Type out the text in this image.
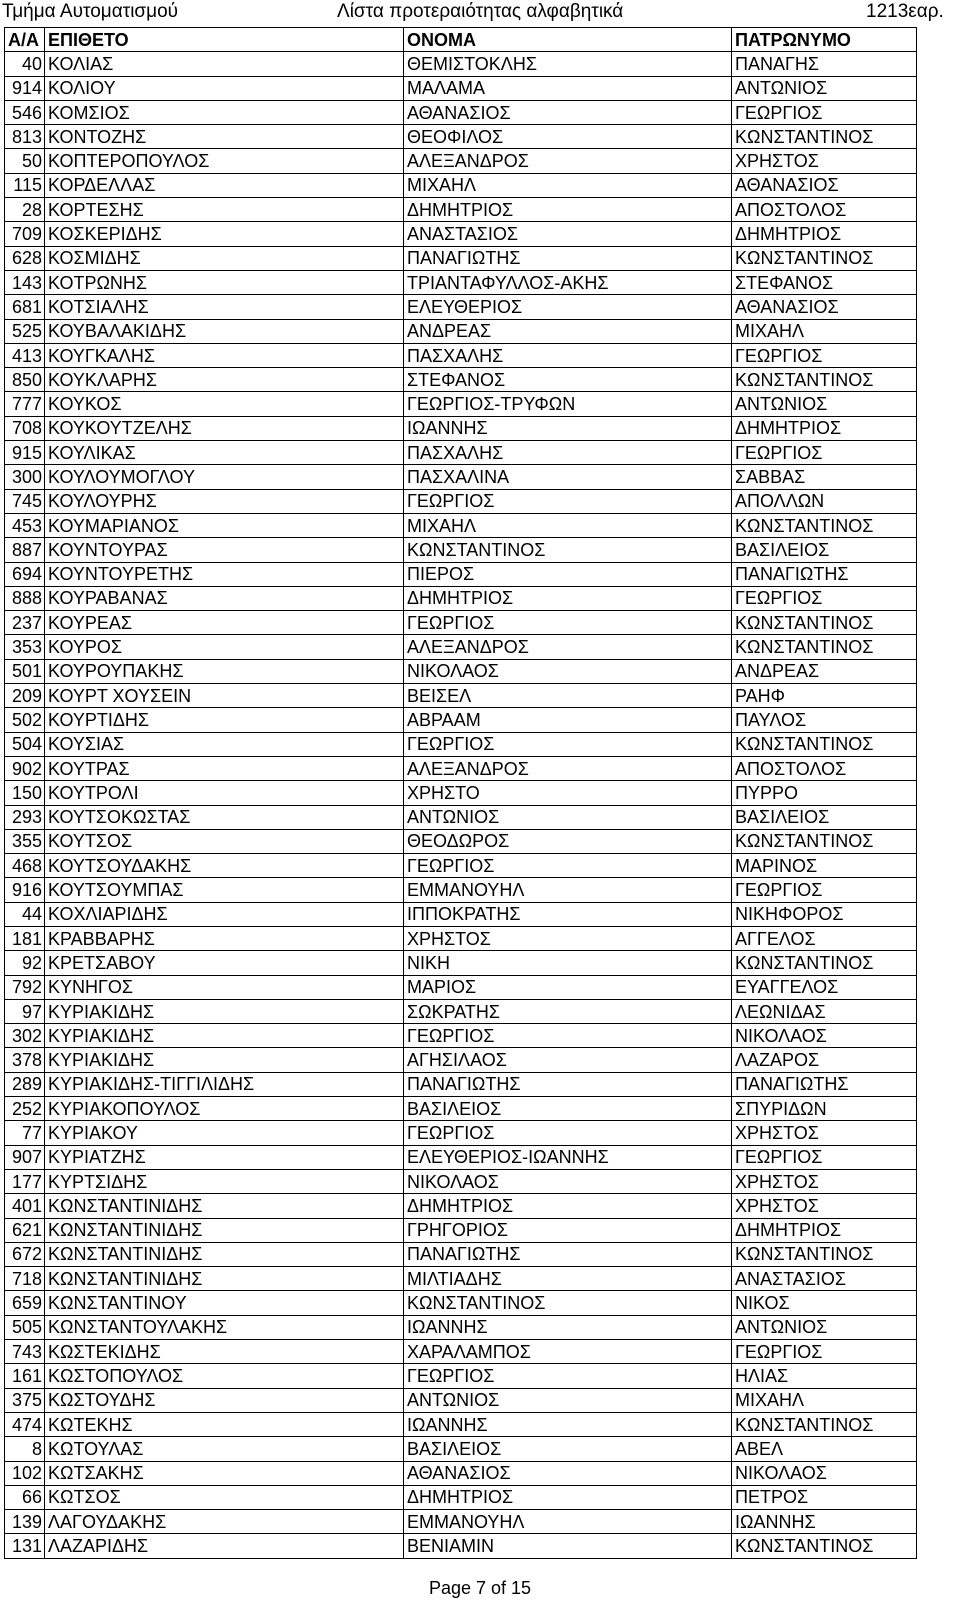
Τμήμα Αυτοματισμού	Λίστα προτεραιότητας αλφαβητικά	1213εαρ.
Α/Α	ΕΠΙΘΕΤΟ	ΟΝΟΜΑ	ΠΑΤΡΩΝΥΜΟ
40	ΚΟΛΙΑΣ	ΘΕΜΙΣΤΟΚΛΗΣ	ΠΑΝΑΓΗΣ
914	ΚΟΛΙΟΥ	ΜΑΛΑΜΑ	ΑΝΤΩΝΙΟΣ
546	ΚΟΜΣΙΟΣ	ΑΘΑΝΑΣΙΟΣ	ΓΕΩΡΓΙΟΣ
813	ΚΟΝΤΟΖΗΣ	ΘΕΟΦΙΛΟΣ	ΚΩΝΣΤΑΝΤΙΝΟΣ
50	ΚΟΠΤΕΡΟΠΟΥΛΟΣ	ΑΛΕΞΑΝΔΡΟΣ	ΧΡΗΣΤΟΣ
115	ΚΟΡΔΕΛΛΑΣ	ΜΙΧΑΗΛ	ΑΘΑΝΑΣΙΟΣ
28	ΚΟΡΤΕΣΗΣ	ΔΗΜΗΤΡΙΟΣ	ΑΠΟΣΤΟΛΟΣ
709	ΚΟΣΚΕΡΙΔΗΣ	ΑΝΑΣΤΑΣΙΟΣ	ΔΗΜΗΤΡΙΟΣ
628	ΚΟΣΜΙΔΗΣ	ΠΑΝΑΓΙΩΤΗΣ	ΚΩΝΣΤΑΝΤΙΝΟΣ
143	ΚΟΤΡΩΝΗΣ	ΤΡΙΑΝΤΑΦΥΛΛΟΣ-ΑΚΗΣ	ΣΤΕΦΑΝΟΣ
681	ΚΟΤΣΙΑΛΗΣ	ΕΛΕΥΘΕΡΙΟΣ	ΑΘΑΝΑΣΙΟΣ
525	ΚΟΥΒΑΛΑΚΙΔΗΣ	ΑΝΔΡΕΑΣ	ΜΙΧΑΗΛ
413	ΚΟΥΓΚΑΛΗΣ	ΠΑΣΧΑΛΗΣ	ΓΕΩΡΓΙΟΣ
850	ΚΟΥΚΛΑΡΗΣ	ΣΤΕΦΑΝΟΣ	ΚΩΝΣΤΑΝΤΙΝΟΣ
777	ΚΟΥΚΟΣ	ΓΕΩΡΓΙΟΣ-ΤΡΥΦΩΝ	ΑΝΤΩΝΙΟΣ
708	ΚΟΥΚΟΥΤΖΕΛΗΣ	ΙΩΑΝΝΗΣ	ΔΗΜΗΤΡΙΟΣ
915	ΚΟΥΛΙΚΑΣ	ΠΑΣΧΑΛΗΣ	ΓΕΩΡΓΙΟΣ
300	ΚΟΥΛΟΥΜΟΓΛΟΥ	ΠΑΣΧΑΛΙΝΑ	ΣΑΒΒΑΣ
745	ΚΟΥΛΟΥΡΗΣ	ΓΕΩΡΓΙΟΣ	ΑΠΟΛΛΩΝ
453	ΚΟΥΜΑΡΙΑΝΟΣ	ΜΙΧΑΗΛ	ΚΩΝΣΤΑΝΤΙΝΟΣ
887	ΚΟΥΝΤΟΥΡΑΣ	ΚΩΝΣΤΑΝΤΙΝΟΣ	ΒΑΣΙΛΕΙΟΣ
694	ΚΟΥΝΤΟΥΡΕΤΗΣ	ΠΙΕΡΟΣ	ΠΑΝΑΓΙΩΤΗΣ
888	ΚΟΥΡΑΒΑΝΑΣ	ΔΗΜΗΤΡΙΟΣ	ΓΕΩΡΓΙΟΣ
237	ΚΟΥΡΕΑΣ	ΓΕΩΡΓΙΟΣ	ΚΩΝΣΤΑΝΤΙΝΟΣ
353	ΚΟΥΡΟΣ	ΑΛΕΞΑΝΔΡΟΣ	ΚΩΝΣΤΑΝΤΙΝΟΣ
501	ΚΟΥΡΟΥΠΑΚΗΣ	ΝΙΚΟΛΑΟΣ	ΑΝΔΡΕΑΣ
209	ΚΟΥΡΤ ΧΟΥΣΕΙΝ	ΒΕΙΣΕΛ	ΡΑΗΦ
502	ΚΟΥΡΤΙΔΗΣ	ΑΒΡΑΑΜ	ΠΑΥΛΟΣ
504	ΚΟΥΣΙΑΣ	ΓΕΩΡΓΙΟΣ	ΚΩΝΣΤΑΝΤΙΝΟΣ
902	ΚΟΥΤΡΑΣ	ΑΛΕΞΑΝΔΡΟΣ	ΑΠΟΣΤΟΛΟΣ
150	ΚΟΥΤΡΟΛΙ	ΧΡΗΣΤΟ	ΠΥΡΡΟ
293	ΚΟΥΤΣΟΚΩΣΤΑΣ	ΑΝΤΩΝΙΟΣ	ΒΑΣΙΛΕΙΟΣ
355	ΚΟΥΤΣΟΣ	ΘΕΟΔΩΡΟΣ	ΚΩΝΣΤΑΝΤΙΝΟΣ
468	ΚΟΥΤΣΟΥΔΑΚΗΣ	ΓΕΩΡΓΙΟΣ	ΜΑΡΙΝΟΣ
916	ΚΟΥΤΣΟΥΜΠΑΣ	ΕΜΜΑΝΟΥΗΛ	ΓΕΩΡΓΙΟΣ
44	ΚΟΧΛΙΑΡΙΔΗΣ	ΙΠΠΟΚΡΑΤΗΣ	ΝΙΚΗΦΟΡΟΣ
181	ΚΡΑΒΒΑΡΗΣ	ΧΡΗΣΤΟΣ	ΑΓΓΕΛΟΣ
92	ΚΡΕΤΣΑΒΟΥ	ΝΙΚΗ	ΚΩΝΣΤΑΝΤΙΝΟΣ
792	ΚΥΝΗΓΟΣ	ΜΑΡΙΟΣ	ΕΥΑΓΓΕΛΟΣ
97	ΚΥΡΙΑΚΙΔΗΣ	ΣΩΚΡΑΤΗΣ	ΛΕΩΝΙΔΑΣ
302	ΚΥΡΙΑΚΙΔΗΣ	ΓΕΩΡΓΙΟΣ	ΝΙΚΟΛΑΟΣ
378	ΚΥΡΙΑΚΙΔΗΣ	ΑΓΗΣΙΛΑΟΣ	ΛΑΖΑΡΟΣ
289	ΚΥΡΙΑΚΙΔΗΣ-ΤΙΓΓΙΛΙΔΗΣ	ΠΑΝΑΓΙΩΤΗΣ	ΠΑΝΑΓΙΩΤΗΣ
252	ΚΥΡΙΑΚΟΠΟΥΛΟΣ	ΒΑΣΙΛΕΙΟΣ	ΣΠΥΡΙΔΩΝ
77	ΚΥΡΙΑΚΟΥ	ΓΕΩΡΓΙΟΣ	ΧΡΗΣΤΟΣ
907	ΚΥΡΙΑΤΖΗΣ	ΕΛΕΥΘΕΡΙΟΣ-ΙΩΑΝΝΗΣ	ΓΕΩΡΓΙΟΣ
177	ΚΥΡΤΣΙΔΗΣ	ΝΙΚΟΛΑΟΣ	ΧΡΗΣΤΟΣ
401	ΚΩΝΣΤΑΝΤΙΝΙΔΗΣ	ΔΗΜΗΤΡΙΟΣ	ΧΡΗΣΤΟΣ
621	ΚΩΝΣΤΑΝΤΙΝΙΔΗΣ	ΓΡΗΓΟΡΙΟΣ	ΔΗΜΗΤΡΙΟΣ
672	ΚΩΝΣΤΑΝΤΙΝΙΔΗΣ	ΠΑΝΑΓΙΩΤΗΣ	ΚΩΝΣΤΑΝΤΙΝΟΣ
718	ΚΩΝΣΤΑΝΤΙΝΙΔΗΣ	ΜΙΛΤΙΑΔΗΣ	ΑΝΑΣΤΑΣΙΟΣ
659	ΚΩΝΣΤΑΝΤΙΝΟΥ	ΚΩΝΣΤΑΝΤΙΝΟΣ	ΝΙΚΟΣ
505	ΚΩΝΣΤΑΝΤΟΥΛΑΚΗΣ	ΙΩΑΝΝΗΣ	ΑΝΤΩΝΙΟΣ
743	ΚΩΣΤΕΚΙΔΗΣ	ΧΑΡΑΛΑΜΠΟΣ	ΓΕΩΡΓΙΟΣ
161	ΚΩΣΤΟΠΟΥΛΟΣ	ΓΕΩΡΓΙΟΣ	ΗΛΙΑΣ
375	ΚΩΣΤΟΥΔΗΣ	ΑΝΤΩΝΙΟΣ	ΜΙΧΑΗΛ
474	ΚΩΤΕΚΗΣ	ΙΩΑΝΝΗΣ	ΚΩΝΣΤΑΝΤΙΝΟΣ
8	ΚΩΤΟΥΛΑΣ	ΒΑΣΙΛΕΙΟΣ	ΑΒΕΛ
102	ΚΩΤΣΑΚΗΣ	ΑΘΑΝΑΣΙΟΣ	ΝΙΚΟΛΑΟΣ
66	ΚΩΤΣΟΣ	ΔΗΜΗΤΡΙΟΣ	ΠΕΤΡΟΣ
139	ΛΑΓΟΥΔΑΚΗΣ	ΕΜΜΑΝΟΥΗΛ	ΙΩΑΝΝΗΣ
131	ΛΑΖΑΡΙΔΗΣ	ΒΕΝΙΑΜΙΝ	ΚΩΝΣΤΑΝΤΙΝΟΣ
Page 7 of 15
